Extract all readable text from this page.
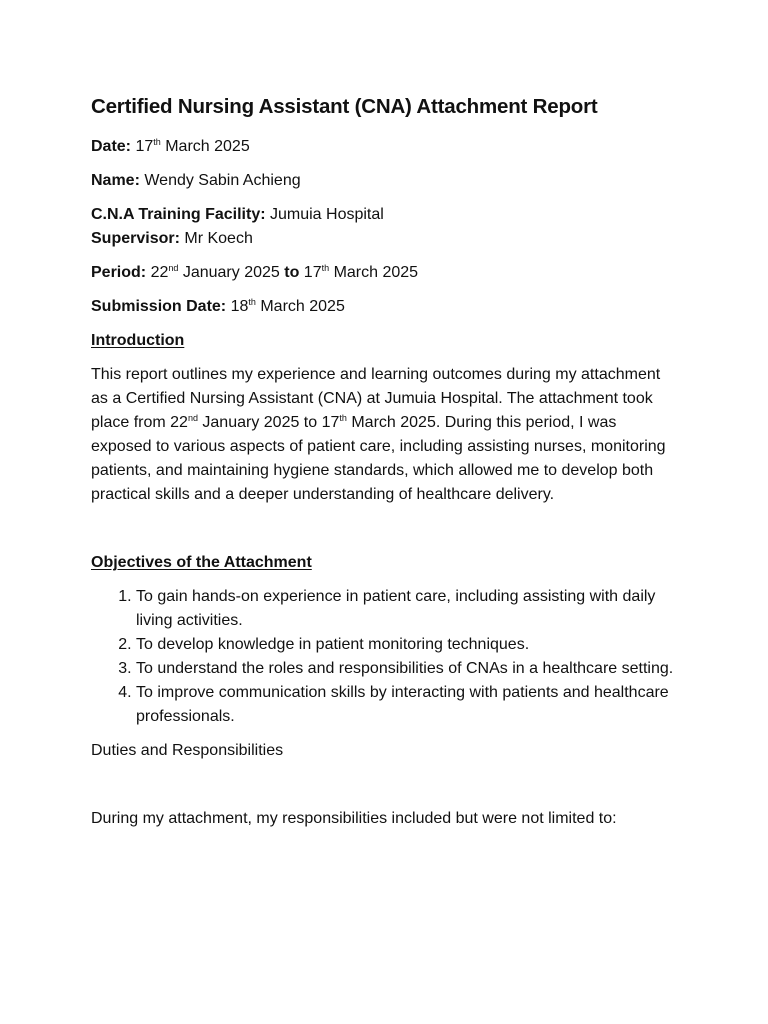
Certified Nursing Assistant (CNA) Attachment Report

Date: 17th March 2025

Name: Wendy Sabin Achieng

C.N.A Training Facility: Jumuia Hospital

Supervisor: Mr Koech

Period: 22nd January 2025 to 17th March 2025

Submission Date: 18th March 2025

Introduction

This report outlines my experience and learning outcomes during my attachment as a Certified Nursing Assistant (CNA) at Jumuia Hospital. The attachment took place from 22nd January 2025 to 17th March 2025. During this period, I was exposed to various aspects of patient care, including assisting nurses, monitoring patients, and maintaining hygiene standards, which allowed me to develop both practical skills and a deeper understanding of healthcare delivery.

Objectives of the Attachment

1. To gain hands-on experience in patient care, including assisting with daily living activities.
2. To develop knowledge in patient monitoring techniques.
3. To understand the roles and responsibilities of CNAs in a healthcare setting.
4. To improve communication skills by interacting with patients and healthcare professionals.

Duties and Responsibilities

During my attachment, my responsibilities included but were not limited to:
